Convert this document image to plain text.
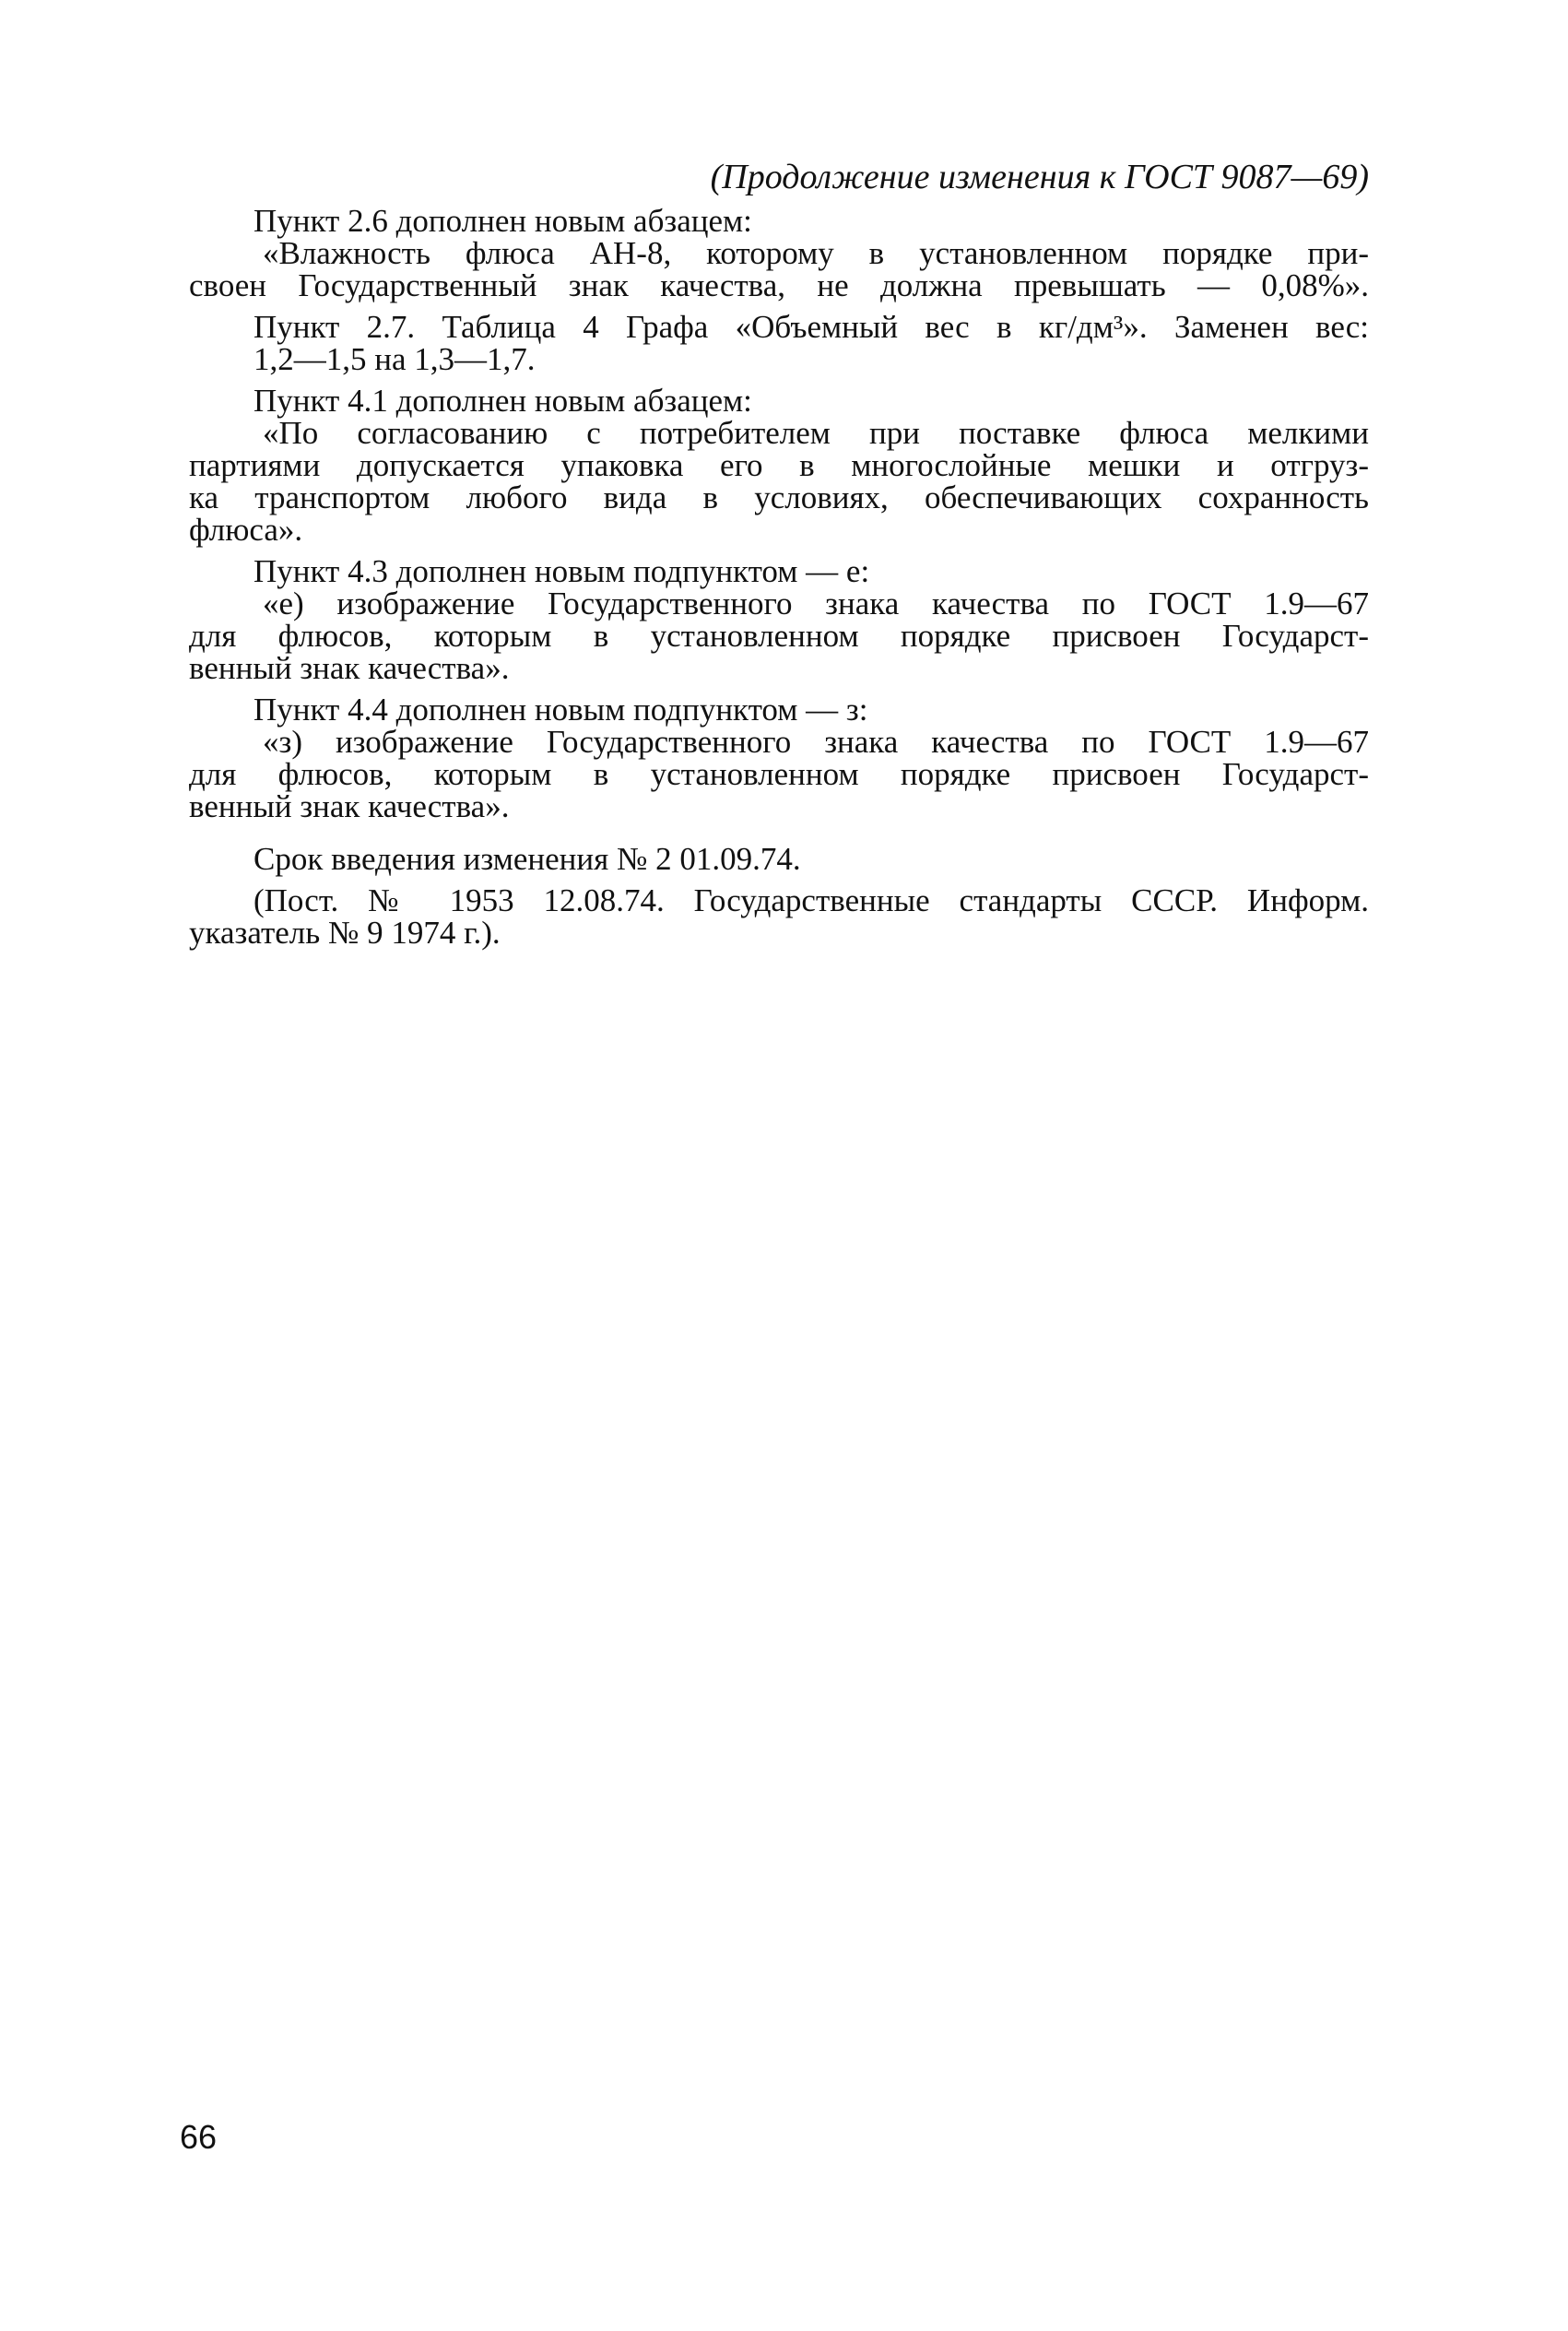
(Продолжение изменения к ГОСТ 9087—69)
Пункт 2.6 дополнен новым абзацем:
«Влажность флюса АН-8, которому в установленном порядке при-
своен Государственный знак качества, не должна превышать — 0,08%».
Пункт 2.7. Таблица 4 Графа «Объемный вес в кг/дм³». Заменен вес:
1,2—1,5 на 1,3—1,7.
Пункт 4.1 дополнен новым абзацем:
«По согласованию с потребителем при поставке флюса мелкими
партиями допускается упаковка его в многослойные мешки и отгруз-
ка транспортом любого вида в условиях, обеспечивающих сохранность
флюса».
Пункт 4.3 дополнен новым подпунктом — е:
«е) изображение Государственного знака качества по ГОСТ 1.9—67
для флюсов, которым в установленном порядке присвоен Государст-
венный знак качества».
Пункт 4.4 дополнен новым подпунктом — з:
«з) изображение Государственного знака качества по ГОСТ 1.9—67
для флюсов, которым в установленном порядке присвоен Государст-
венный знак качества».
Срок введения изменения № 2 01.09.74.
(Пост. № 1953 12.08.74. Государственные стандарты СССР. Информ.
указатель № 9 1974 г.).
66
